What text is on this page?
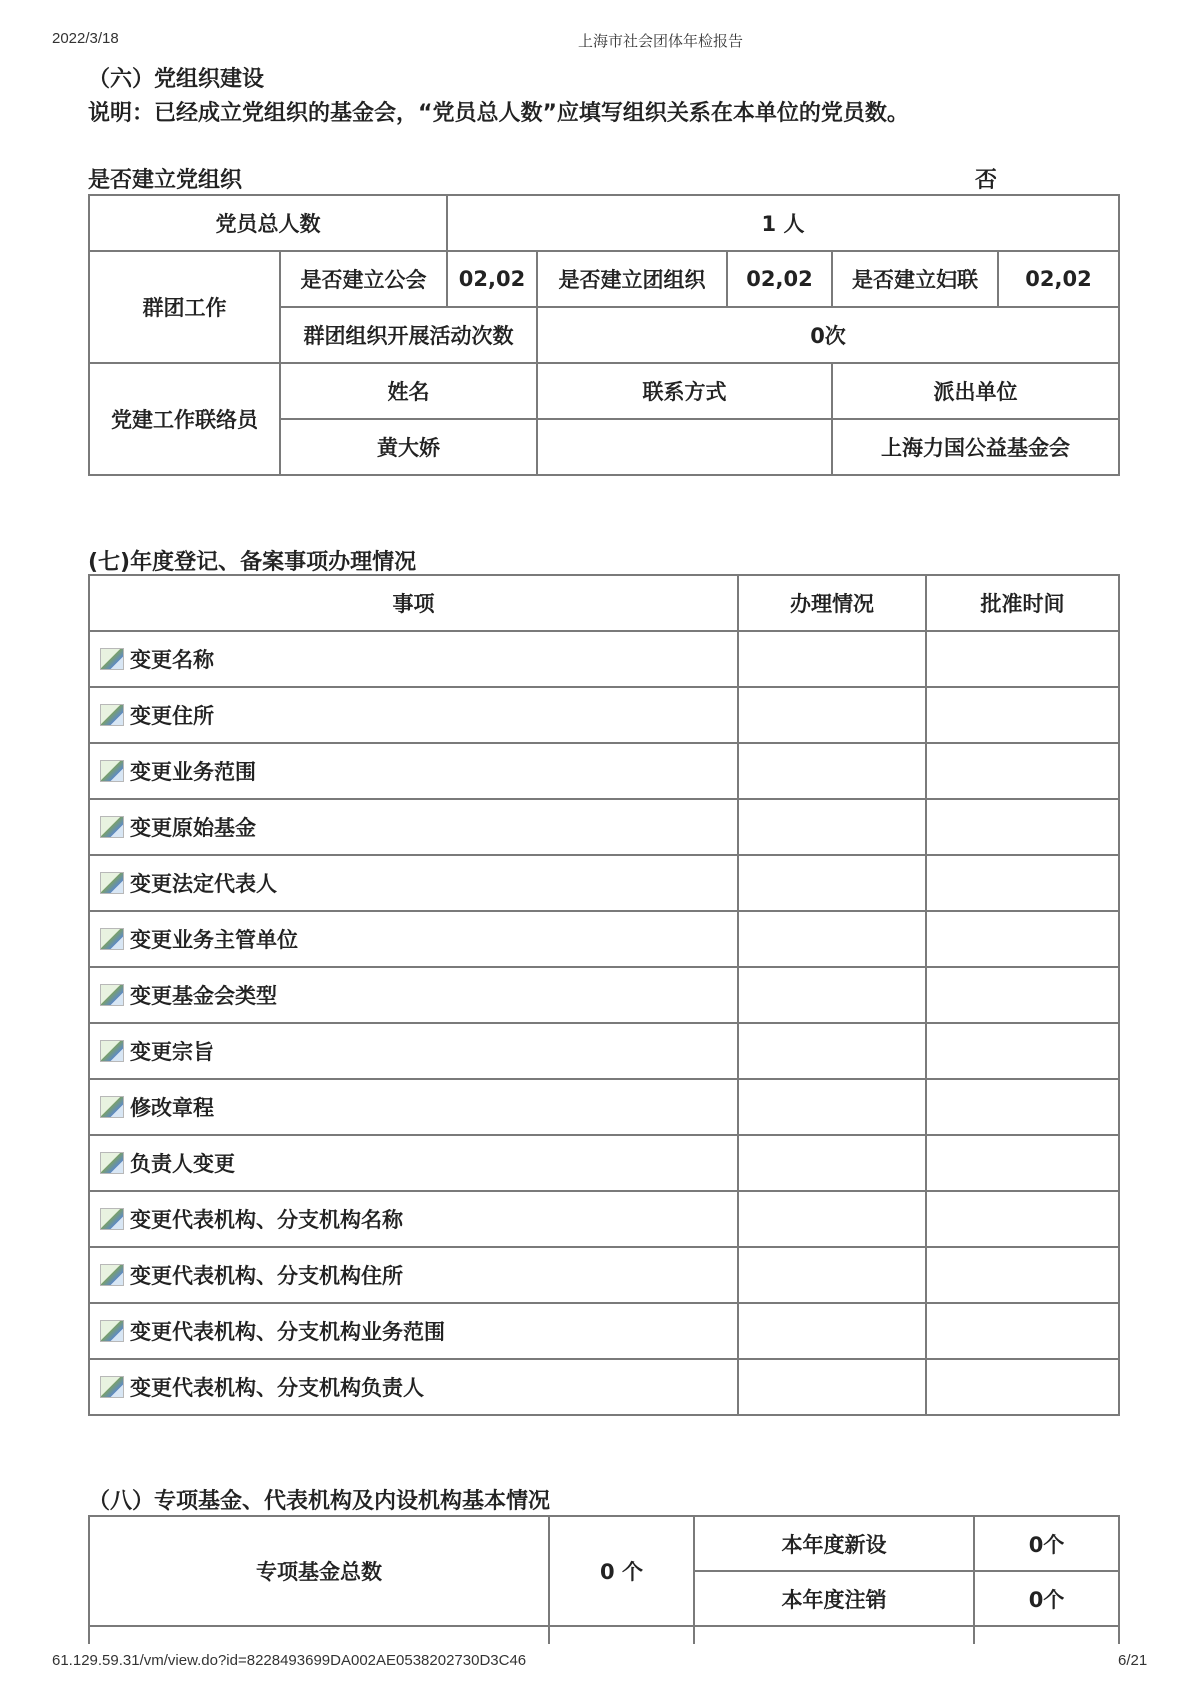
2022/3/18	上海市社会团体年检报告
（六）党组织建设
说明：已经成立党组织的基金会，“党员总人数”应填写组织关系在本单位的党员数。
是否建立党组织	否
党员总人数		1 人				
群团工作	是否建立公会	02,02	是否建立团组织	02,02	是否建立妇联	02,02
	群团组织开展活动次数		0次			
党建工作联络员	姓名		联系方式		派出单位	
	黄大娇				上海力国公益基金会	
(七)年度登记、备案事项办理情况
事项	办理情况	批准时间
变更名称		
变更住所		
变更业务范围		
变更原始基金		
变更法定代表人		
变更业务主管单位		
变更基金会类型		
变更宗旨		
修改章程		
负责人变更		
变更代表机构、分支机构名称		
变更代表机构、分支机构住所		
变更代表机构、分支机构业务范围		
变更代表机构、分支机构负责人		
（八）专项基金、代表机构及内设机构基本情况
专项基金总数	0 个	本年度新设	0个
		本年度注销	0个

61.129.59.31/vm/view.do?id=8228493699DA002AE0538202730D3C46	6/21
